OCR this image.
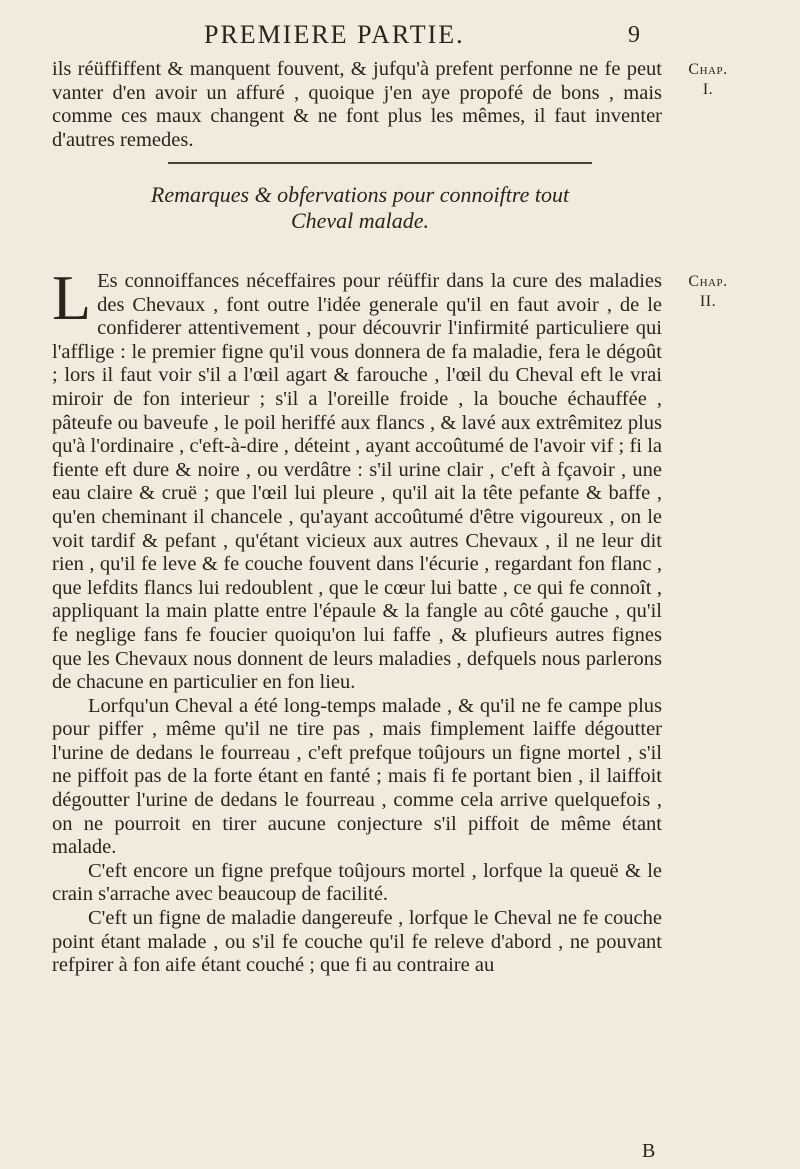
PREMIERE PARTIE.	9
Chap.
I.

ils réüffiffent & manquent fouvent, & jufqu'à prefent perfonne ne fe peut vanter d'en avoir un affuré , quoique j'en aye propofé de bons , mais comme ces maux changent & ne font plus les mêmes, il faut inventer d'autres remedes.

Remarques & obfervations pour connoiftre tout
Cheval malade.
Chap.
II.

L Es connoiffances néceffaires pour réüffir dans la cure des maladies des Chevaux , font outre l'idée generale qu'il en faut avoir , de le confiderer attentivement , pour découvrir l'infirmité particuliere qui l'afflige : le premier figne qu'il vous donnera de fa maladie, fera le dégoût ; lors il faut voir s'il a l'œil agart & farouche , l'œil du Cheval eft le vrai miroir de fon interieur ; s'il a l'oreille froide , la bouche échauffée , pâteufe ou baveufe , le poil heriffé aux flancs , & lavé aux extrêmitez plus qu'à l'ordinaire , c'eft-à-dire , déteint , ayant accoûtumé de l'avoir vif ; fi la fiente eft dure & noire , ou verdâtre : s'il urine clair , c'eft à fçavoir , une eau claire & cruë ; que l'œil lui pleure , qu'il ait la tête pefante & baffe , qu'en cheminant il chancele , qu'ayant accoûtumé d'être vigoureux , on le voit tardif & pefant , qu'étant vicieux aux autres Chevaux , il ne leur dit rien , qu'il fe leve & fe couche fouvent dans l'écurie , regardant fon flanc , que lefdits flancs lui redoublent , que le cœur lui batte , ce qui fe connoît , appliquant la main platte entre l'épaule & la fangle au côté gauche , qu'il fe neglige fans fe foucier quoiqu'on lui faffe , & plufieurs autres fignes que les Chevaux nous donnent de leurs maladies , defquels nous parlerons de chacune en particulier en fon lieu.

Lorfqu'un Cheval a été long-temps malade , & qu'il ne fe campe plus pour piffer , même qu'il ne tire pas , mais fimplement laiffe dégoutter l'urine de dedans le fourreau , c'eft prefque toûjours un figne mortel , s'il ne piffoit pas de la forte étant en fanté ; mais fi fe portant bien , il laiffoit dégoutter l'urine de dedans le fourreau , comme cela arrive quelquefois , on ne pourroit en tirer aucune conjecture s'il piffoit de même étant malade.

C'eft encore un figne prefque toûjours mortel , lorfque la queuë & le crain s'arrache avec beaucoup de facilité.

C'eft un figne de maladie dangereufe , lorfque le Cheval ne fe couche point étant malade , ou s'il fe couche qu'il fe releve d'abord , ne pouvant refpirer à fon aife étant couché ; que fi au contraire au

B
